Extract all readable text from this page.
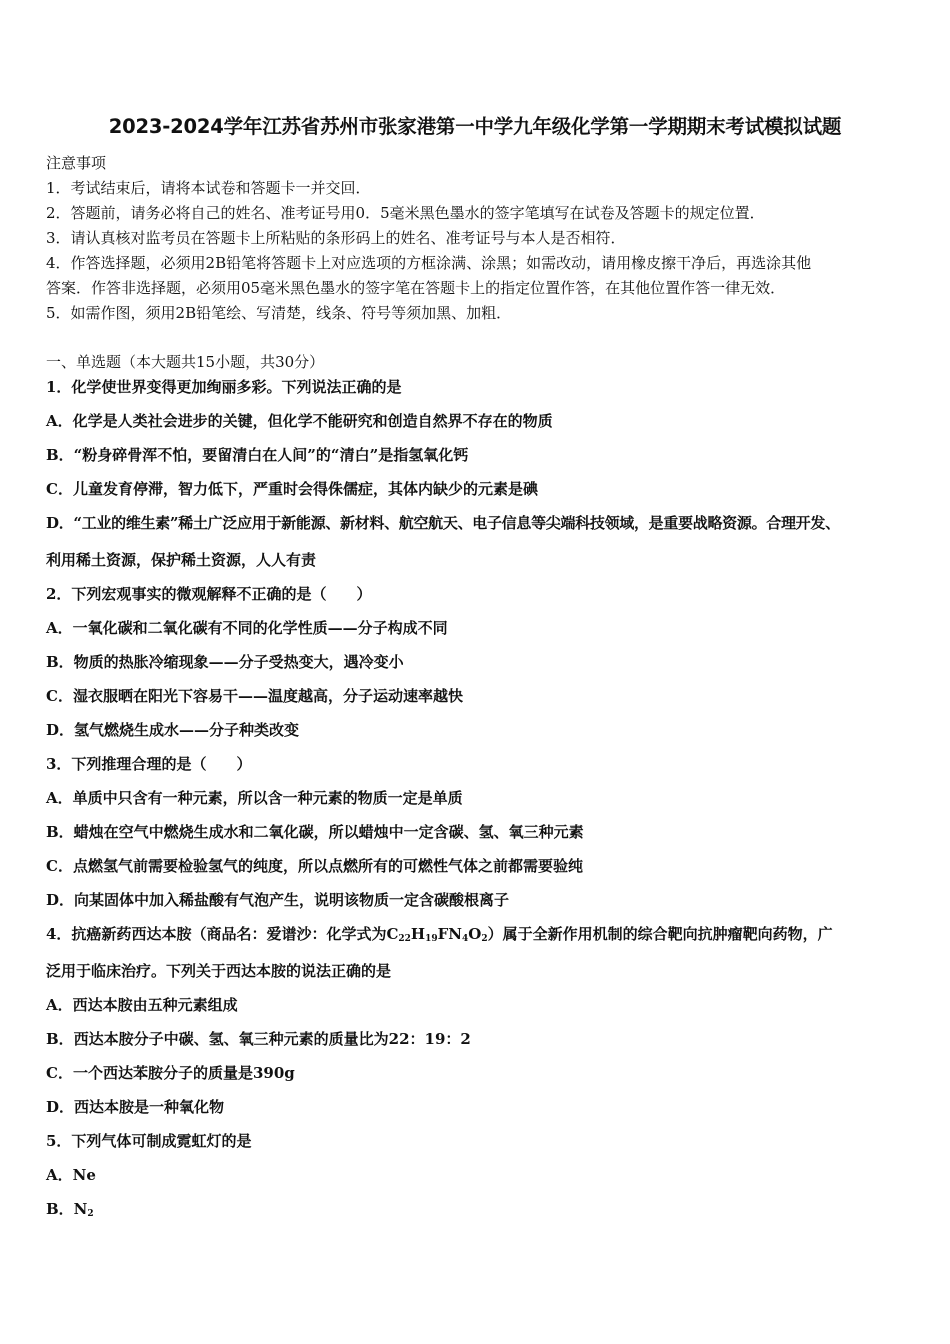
2023-2024学年江苏省苏州市张家港第一中学九年级化学第一学期期末考试模拟试题
注意事项
1．考试结束后，请将本试卷和答题卡一并交回．
2．答题前，请务必将自己的姓名、准考证号用0．5毫米黑色墨水的签字笔填写在试卷及答题卡的规定位置．
3．请认真核对监考员在答题卡上所粘贴的条形码上的姓名、准考证号与本人是否相符．
4．作答选择题，必须用2B铅笔将答题卡上对应选项的方框涂满、涂黑；如需改动，请用橡皮擦干净后，再选涂其他
答案．作答非选择题，必须用05毫米黑色墨水的签字笔在答题卡上的指定位置作答，在其他位置作答一律无效．
5．如需作图，须用2B铅笔绘、写清楚，线条、符号等须加黑、加粗．
一、单选题（本大题共15小题，共30分）
1．化学使世界变得更加绚丽多彩。下列说法正确的是
A．化学是人类社会进步的关键，但化学不能研究和创造自然界不存在的物质
B．“粉身碎骨浑不怕，要留清白在人间”的“清白”是指氢氧化钙
C．儿童发育停滞，智力低下，严重时会得侏儒症，其体内缺少的元素是碘
D．“工业的维生素”稀土广泛应用于新能源、新材料、航空航天、电子信息等尖端科技领域，是重要战略资源。合理开发、
利用稀土资源，保护稀土资源，人人有责
2．下列宏观事实的微观解释不正确的是（　　）
A．一氧化碳和二氧化碳有不同的化学性质——分子构成不同
B．物质的热胀冷缩现象——分子受热变大，遇冷变小
C．湿衣服晒在阳光下容易干——温度越高，分子运动速率越快
D．氢气燃烧生成水——分子种类改变
3．下列推理合理的是（　　）
A．单质中只含有一种元素，所以含一种元素的物质一定是单质
B．蜡烛在空气中燃烧生成水和二氧化碳，所以蜡烛中一定含碳、氢、氧三种元素
C．点燃氢气前需要检验氢气的纯度，所以点燃所有的可燃性气体之前都需要验纯
D．向某固体中加入稀盐酸有气泡产生，说明该物质一定含碳酸根离子
4．抗癌新药西达本胺（商品名：爱谱沙：化学式为$C_{22}H_{19}FN_4O_2$）属于全新作用机制的综合靶向抗肿瘤靶向药物，广
泛用于临床治疗。下列关于西达本胺的说法正确的是
A．西达本胺由五种元素组成
B．西达本胺分子中碳、氢、氧三种元素的质量比为22：19：2
C．一个西达苯胺分子的质量是390g
D．西达本胺是一种氧化物
5．下列气体可制成霓虹灯的是
A．Ne
B．$N_2$
